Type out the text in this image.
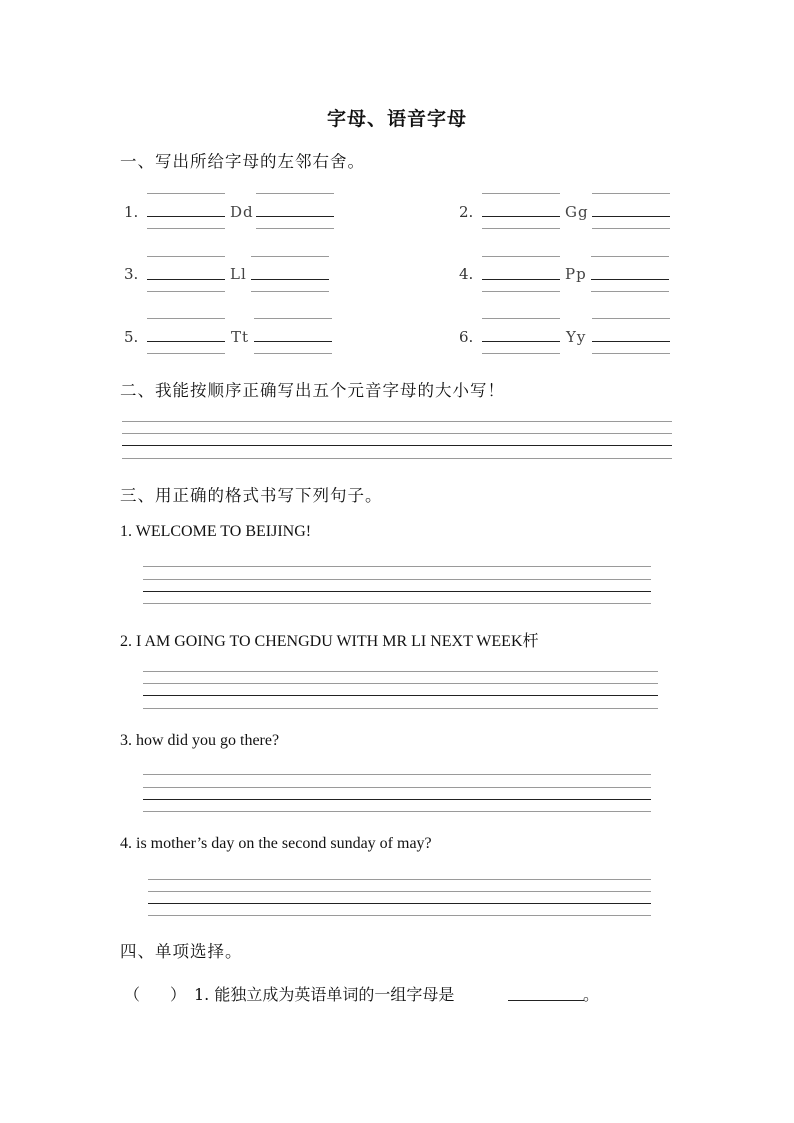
字母、语音字母
一、写出所给字母的左邻右舍。
1.	Dd	2.	Gg
3.	Ll	4.	Pp
5.	Tt	6.	Yy
二、我能按顺序正确写出五个元音字母的大小写！
三、用正确的格式书写下列句子。
1. WELCOME TO BEIJING!
2. I AM GOING TO CHENGDU WITH MR LI NEXT WEEK杆
3. how did you go there?
4. is mother’s day on the second sunday of may?
四、单项选择。
（ ） 1. 能独立成为英语单词的一组字母是	。
